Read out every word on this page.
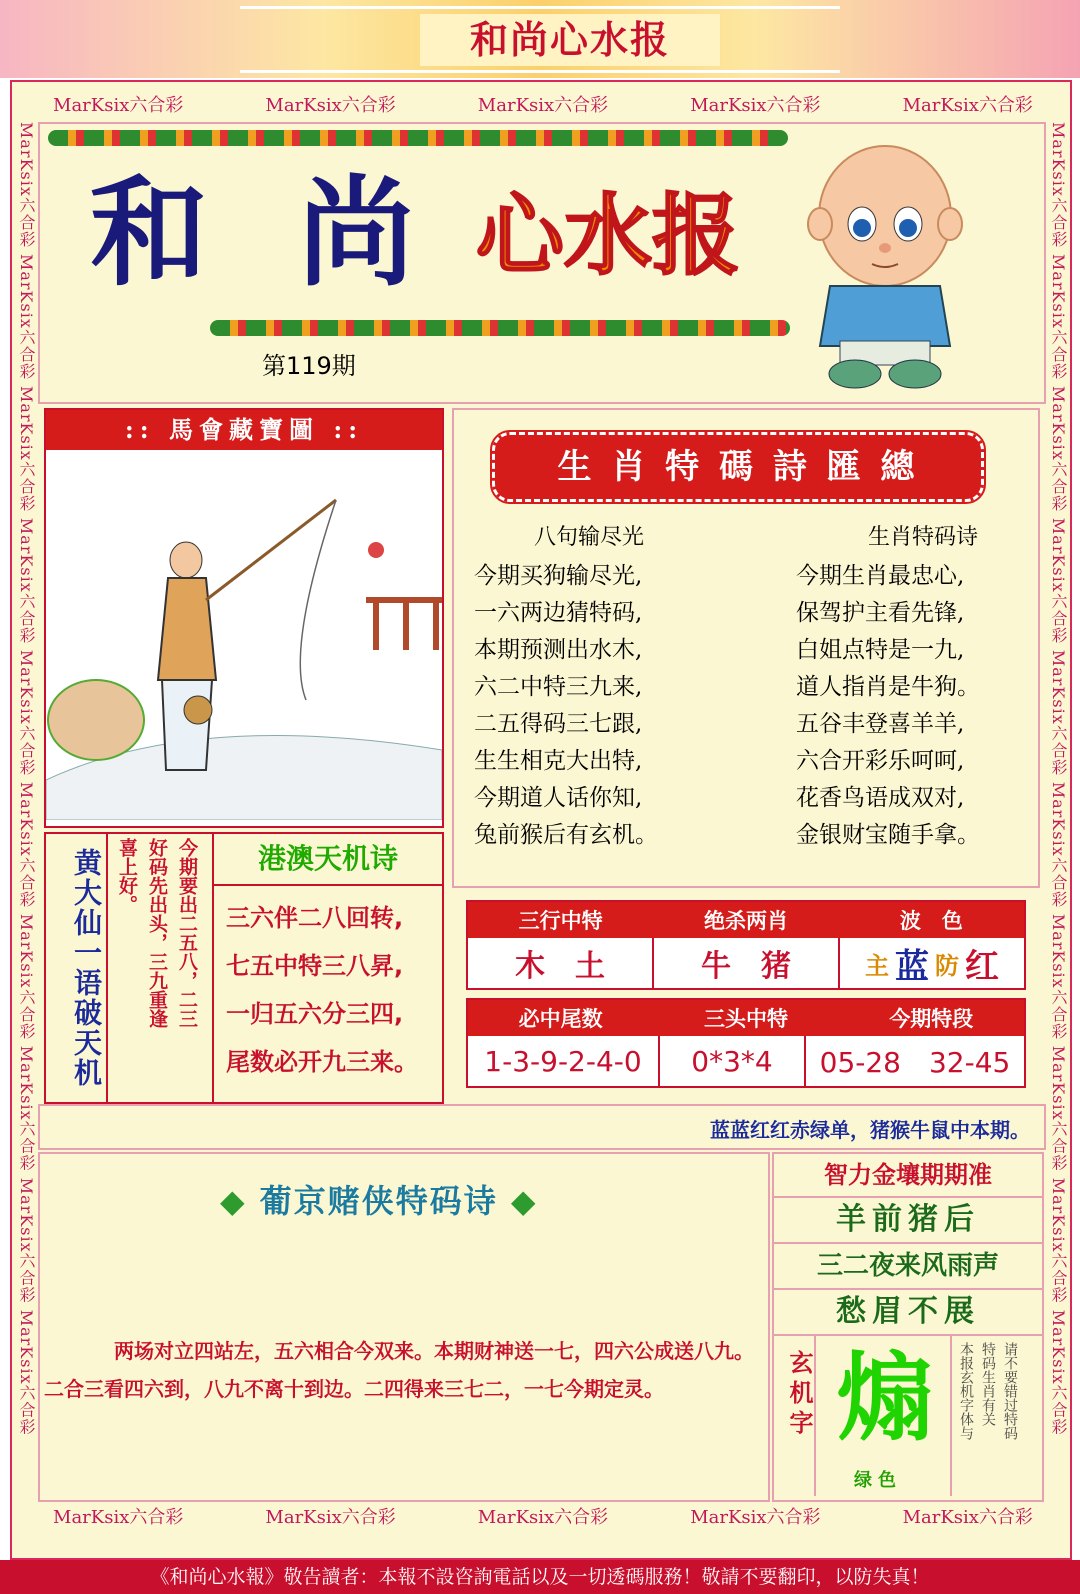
和尚心水报
MarKsix六合彩	MarKsix六合彩	MarKsix六合彩	MarKsix六合彩	MarKsix六合彩
MarKsix六合彩	MarKsix六合彩	MarKsix六合彩	MarKsix六合彩	MarKsix六合彩
MarKsix六合彩 MarKsix六合彩 MarKsix六合彩 MarKsix六合彩 MarKsix六合彩 MarKsix六合彩 MarKsix六合彩 MarKsix六合彩 MarKsix六合彩 MarKsix六合彩
MarKsix六合彩 MarKsix六合彩 MarKsix六合彩 MarKsix六合彩 MarKsix六合彩 MarKsix六合彩 MarKsix六合彩 MarKsix六合彩 MarKsix六合彩 MarKsix六合彩
和 尚 心水报
第119期
:: 馬會藏寶圖 ::
生 肖 特 碼 詩 匯 總
八句输尽光	生肖特码诗
今期买狗输尽光,
一六两边猜特码,
本期预测出水木,
六二中特三九来,
二五得码三七跟,
生生相克大出特,
今期道人话你知,
兔前猴后有玄机。
今期生肖最忠心,
保驾护主看先锋,
白姐点特是一九,
道人指肖是牛狗。
五谷丰登喜羊羊,
六合开彩乐呵呵,
花香鸟语成双对,
金银财宝随手拿。
黄大仙一语破天机	今期要出二五八，二三
好码先出头，三九重逢
喜上好。	港澳天机诗
三六伴二八回转,
七五中特三八昇,
一归五六分三四,
尾数必开九三来。
三行中特	绝杀两肖	波　色
木　土	牛　猪	主 蓝 防 红
必中尾数	三头中特	今期特段
1-3-9-2-4-0	0*3*4	05-28　32-45
蓝蓝红红赤绿单，猪猴牛鼠中本期。
◆ 葡京赌侠特码诗 ◆
两场对立四站左，五六相合今双来。本期财神送一七，四六公成送八九。二合三看四六到，八九不离十到边。二四得来三七二，一七今期定灵。
智力金壤期期准
羊前猪后
三二夜来风雨声
愁眉不展
玄机字 煽
绿色
请不要错过特码
特码生肖有关
本报玄机字体与
《和尚心水報》敬告讀者：本報不設咨詢電話以及一切透碼服務！敬請不要翻印，以防失真！
